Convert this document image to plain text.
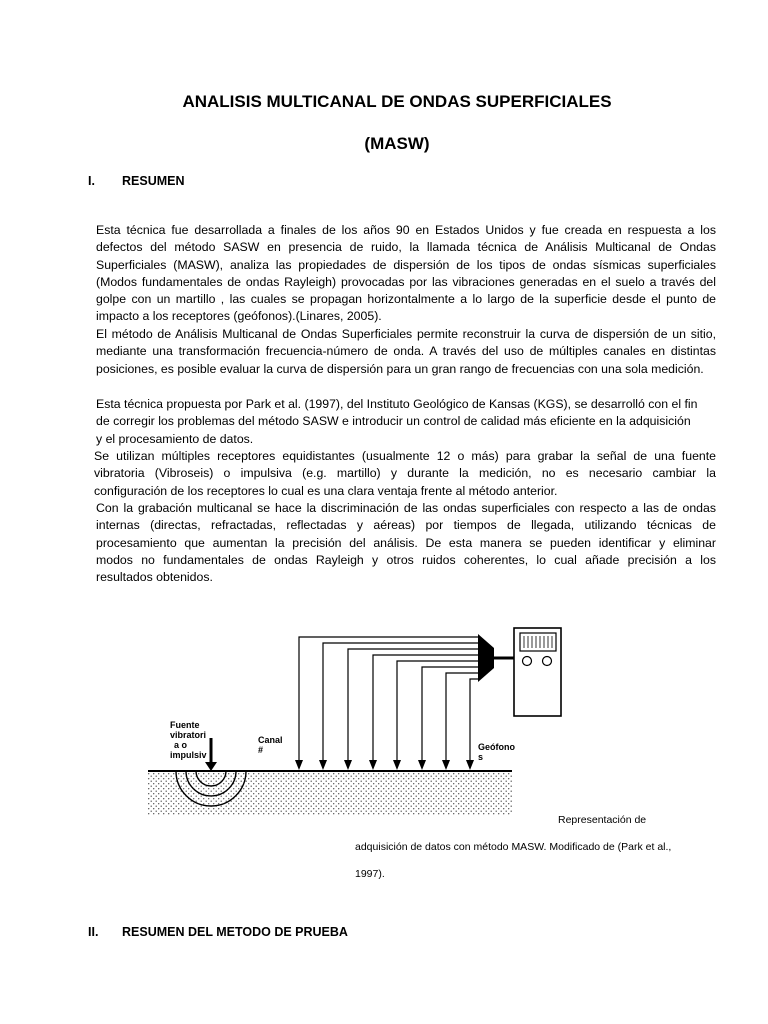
ANALISIS MULTICANAL DE ONDAS SUPERFICIALES
(MASW)
I. RESUMEN
Esta técnica fue desarrollada a finales de los años 90 en Estados Unidos y fue creada en respuesta a los
defectos del método SASW en presencia de ruido, la llamada técnica de Análisis Multicanal de Ondas
Superficiales (MASW), analiza las propiedades de dispersión de los tipos de ondas sísmicas superficiales
(Modos fundamentales de ondas Rayleigh) provocadas por las vibraciones generadas en el suelo a través del
golpe con un martillo , las cuales se propagan horizontalmente a lo largo de la superficie desde el punto de
impacto a los receptores (geófonos).(Linares, 2005).
El método de Análisis Multicanal de Ondas Superficiales permite reconstruir la curva de dispersión de un sitio,
mediante una transformación frecuencia-número de onda. A través del uso de múltiples canales en distintas
posiciones, es posible evaluar la curva de dispersión para un gran rango de frecuencias con una sola medición.
Esta técnica propuesta por Park et al. (1997), del Instituto Geológico de Kansas (KGS), se desarrolló con el fin
de corregir los problemas del método SASW e introducir un control de calidad más eficiente en la adquisición
y el procesamiento de datos.
Se utilizan múltiples receptores equidistantes (usualmente 12 o más) para grabar la señal de una fuente
vibratoria (Vibroseis) o impulsiva (e.g. martillo) y durante la medición, no es necesario cambiar la
configuración de los receptores lo cual es una clara ventaja frente al método anterior.
Con la grabación multicanal se hace la discriminación de las ondas superficiales con respecto a las de ondas
internas (directas, refractadas, reflectadas y aéreas) por tiempos de llegada, utilizando técnicas de
procesamiento que aumentan la precisión del análisis. De esta manera se pueden identificar y eliminar
modos no fundamentales de ondas Rayleigh y otros ruidos coherentes, lo cual añade precisión a los
resultados obtenidos.
Fuente
vibratori
a o
impulsiv
Canal
#	Geófono
s
Representación de
adquisición de datos con método MASW. Modificado de (Park et al.,
1997).
II. RESUMEN DEL METODO DE PRUEBA
